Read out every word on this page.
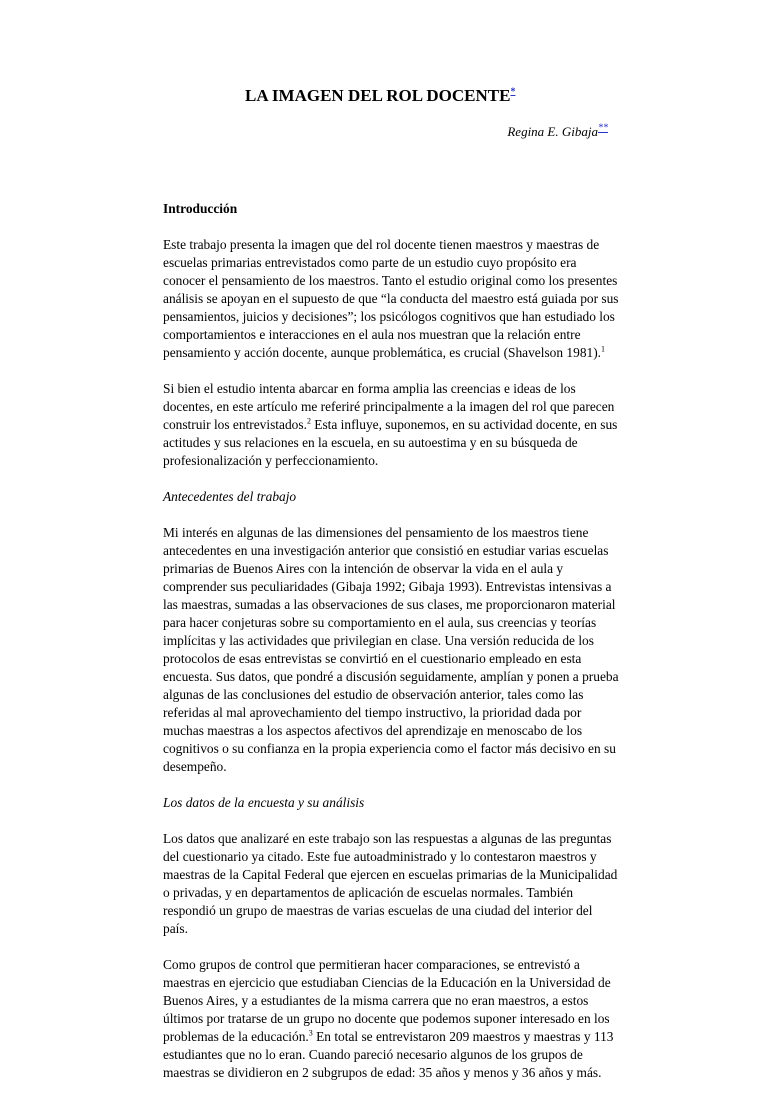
LA IMAGEN DEL ROL DOCENTE*

Regina E. Gibaja**

Introducción

Este trabajo presenta la imagen que del rol docente tienen maestros y maestras de escuelas primarias entrevistados como parte de un estudio cuyo propósito era conocer el pensamiento de los maestros. Tanto el estudio original como los presentes análisis se apoyan en el supuesto de que “la conducta del maestro está guiada por sus pensamientos, juicios y decisiones”; los psicólogos cognitivos que han estudiado los comportamientos e interacciones en el aula nos muestran que la relación entre pensamiento y acción docente, aunque problemática, es crucial (Shavelson 1981).$^1$

Si bien el estudio intenta abarcar en forma amplia las creencias e ideas de los docentes, en este artículo me referiré principalmente a la imagen del rol que parecen construir los entrevistados.$^2$ Esta influye, suponemos, en su actividad docente, en sus actitudes y sus relaciones en la escuela, en su autoestima y en su búsqueda de profesionalización y perfeccionamiento.

Antecedentes del trabajo

Mi interés en algunas de las dimensiones del pensamiento de los maestros tiene antecedentes en una investigación anterior que consistió en estudiar varias escuelas primarias de Buenos Aires con la intención de observar la vida en el aula y comprender sus peculiaridades (Gibaja 1992; Gibaja 1993). Entrevistas intensivas a las maestras, sumadas a las observaciones de sus clases, me proporcionaron material para hacer conjeturas sobre su comportamiento en el aula, sus creencias y teorías implícitas y las actividades que privilegian en clase. Una versión reducida de los protocolos de esas entrevistas se convirtió en el cuestionario empleado en esta encuesta. Sus datos, que pondré a discusión seguidamente, amplían y ponen a prueba algunas de las conclusiones del estudio de observación anterior, tales como las referidas al mal aprovechamiento del tiempo instructivo, la prioridad dada por muchas maestras a los aspectos afectivos del aprendizaje en menoscabo de los cognitivos o su confianza en la propia experiencia como el factor más decisivo en su desempeño.

Los datos de la encuesta y su análisis

Los datos que analizaré en este trabajo son las respuestas a algunas de las preguntas del cuestionario ya citado. Este fue autoadministrado y lo contestaron maestros y maestras de la Capital Federal que ejercen en escuelas primarias de la Municipalidad o privadas, y en departamentos de aplicación de escuelas normales. También respondió un grupo de maestras de varias escuelas de una ciudad del interior del país.

Como grupos de control que permitieran hacer comparaciones, se entrevistó a maestras en ejercicio que estudiaban Ciencias de la Educación en la Universidad de Buenos Aires, y a estudiantes de la misma carrera que no eran maestros, a estos últimos por tratarse de un grupo no docente que podemos suponer interesado en los problemas de la educación.$^3$ En total se entrevistaron 209 maestros y maestras y 113 estudiantes que no lo eran. Cuando pareció necesario algunos de los grupos de maestras se dividieron en 2 subgrupos de edad: 35 años y menos y 36 años y más.
